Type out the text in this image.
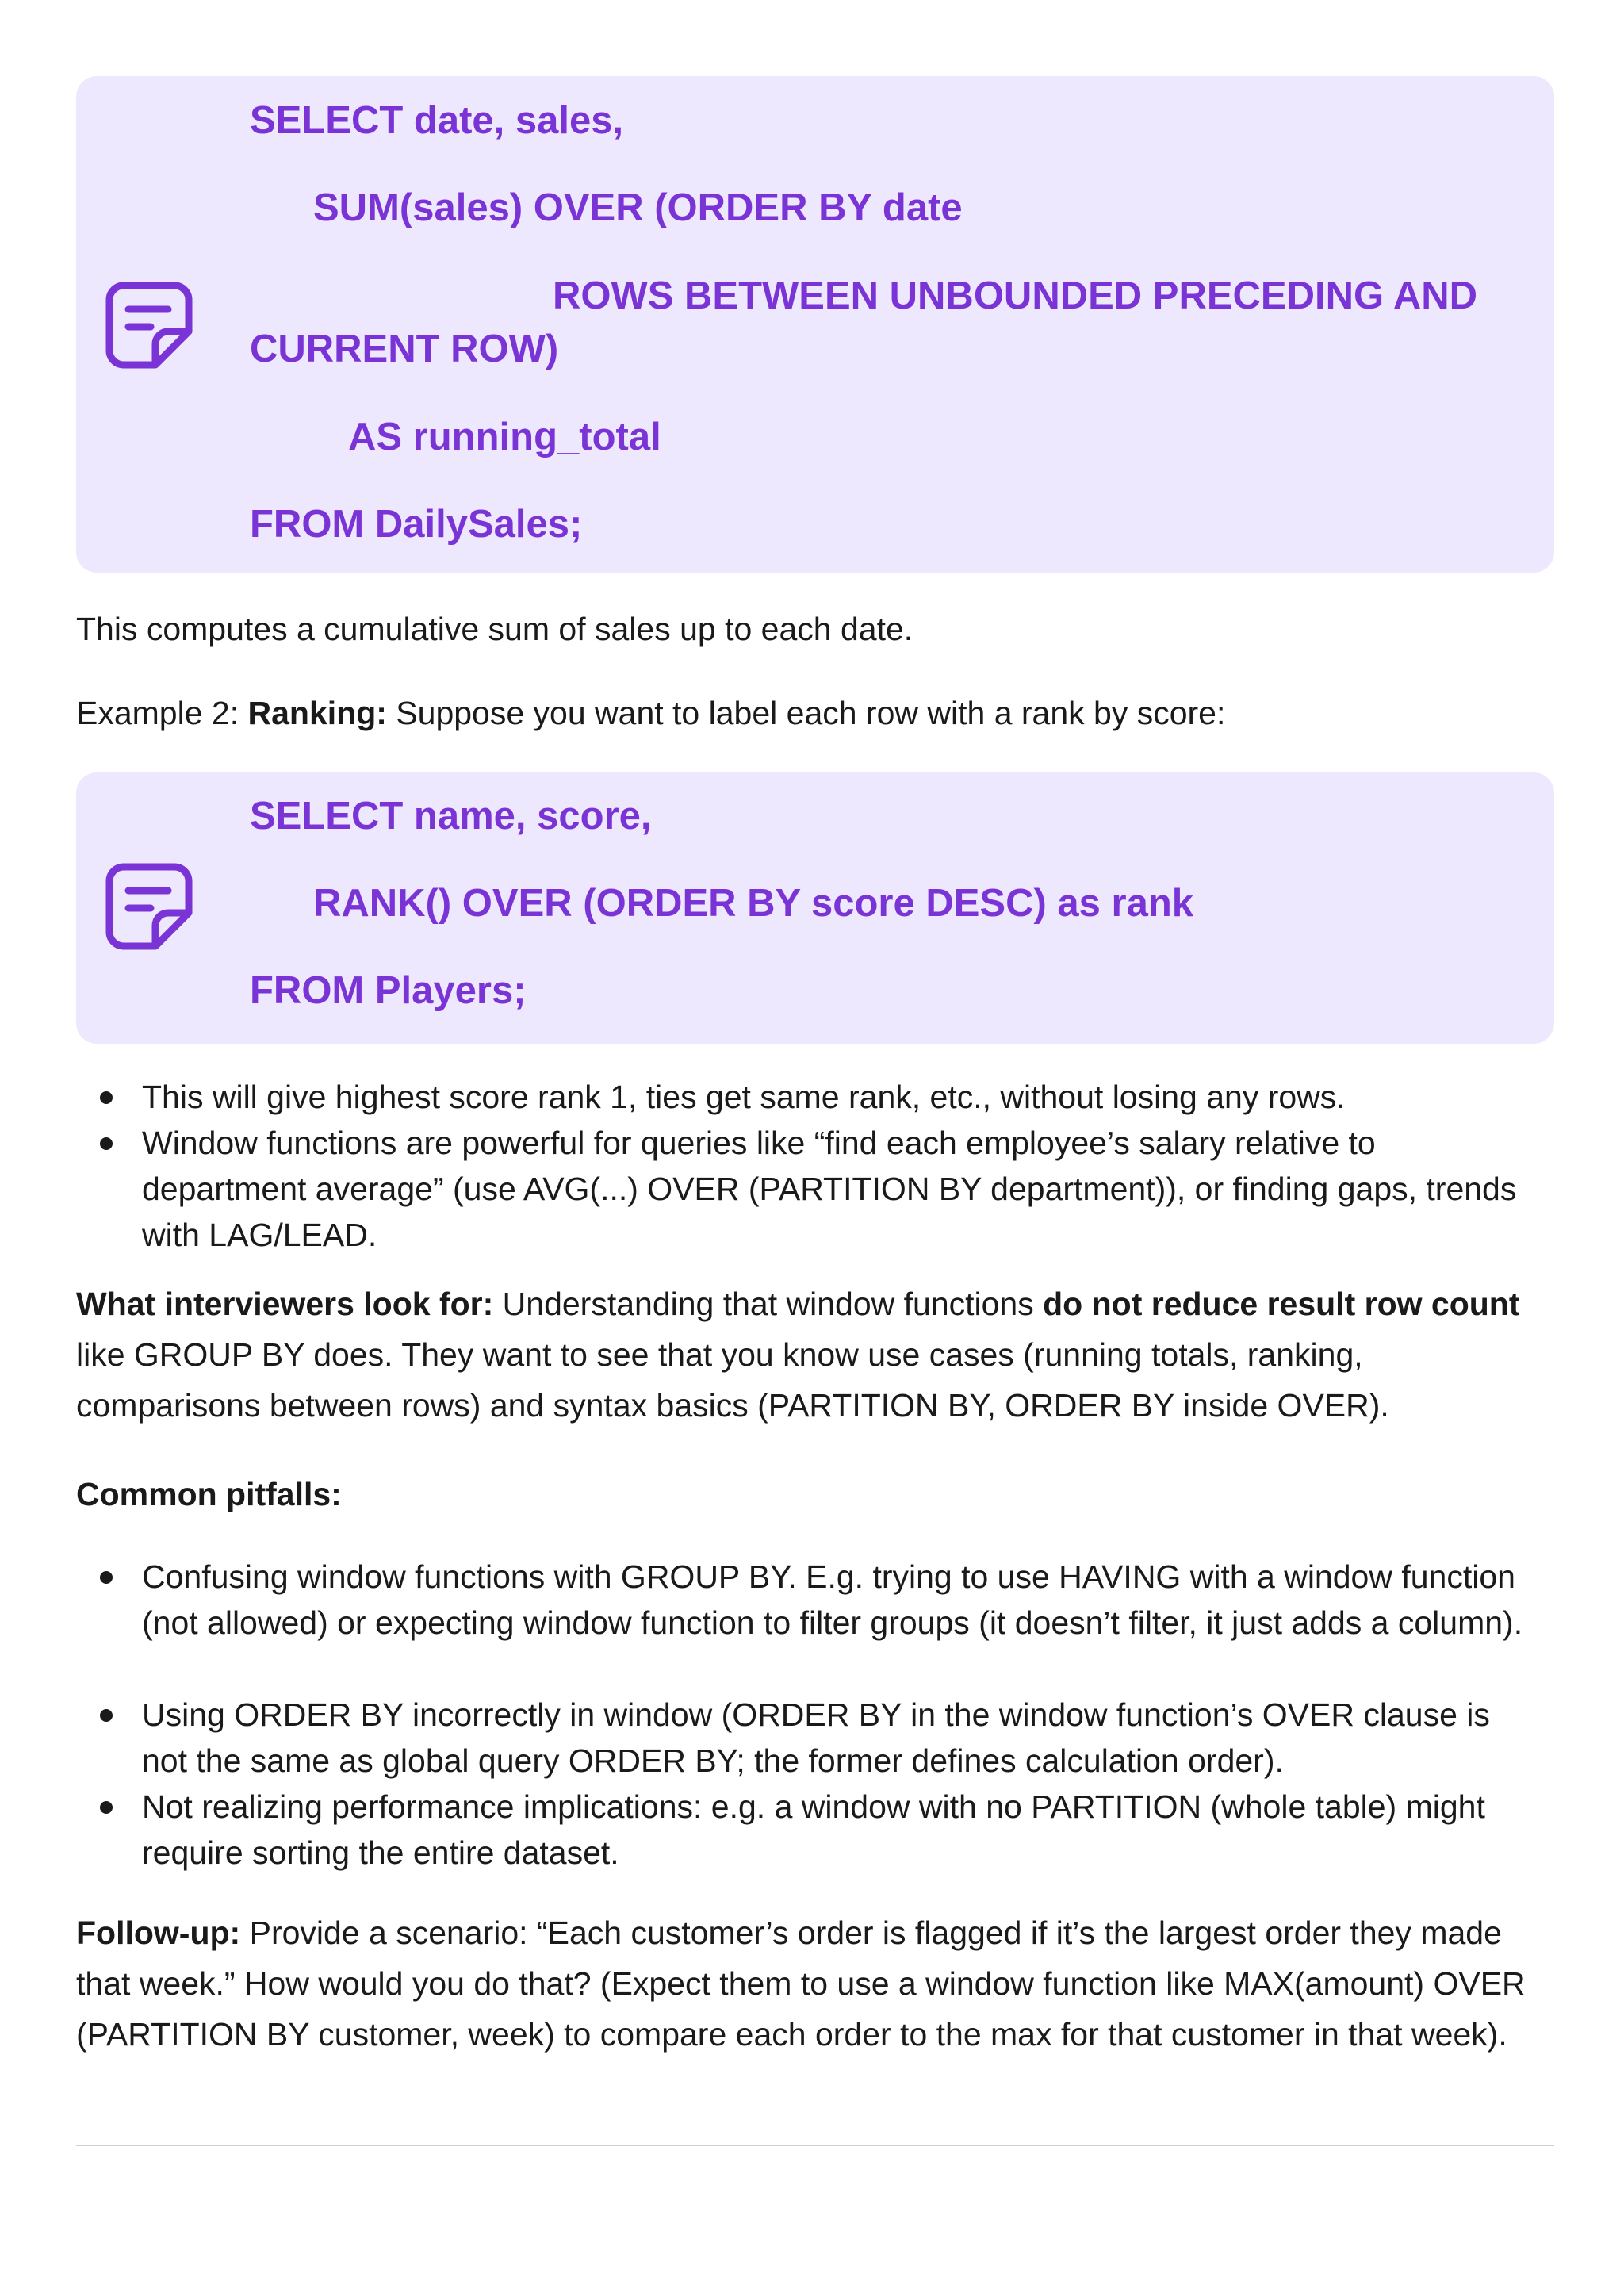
SELECT date, sales,
SUM(sales) OVER (ORDER BY date
ROWS BETWEEN UNBOUNDED PRECEDING AND
CURRENT ROW)
AS running_total
FROM DailySales;
This computes a cumulative sum of sales up to each date.
Example 2: Ranking: Suppose you want to label each row with a rank by score:
SELECT name, score,
RANK() OVER (ORDER BY score DESC) as rank
FROM Players;
This will give highest score rank 1, ties get same rank, etc., without losing any rows.
Window functions are powerful for queries like “find each employee’s salary relative to department average” (use AVG(...) OVER (PARTITION BY department)), or finding gaps, trends with LAG/LEAD.
What interviewers look for: Understanding that window functions do not reduce result row count like GROUP BY does. They want to see that you know use cases (running totals, ranking, comparisons between rows) and syntax basics (PARTITION BY, ORDER BY inside OVER).
Common pitfalls:
Confusing window functions with GROUP BY. E.g. trying to use HAVING with a window function (not allowed) or expecting window function to filter groups (it doesn’t filter, it just adds a column).
Using ORDER BY incorrectly in window (ORDER BY in the window function’s OVER clause is not the same as global query ORDER BY; the former defines calculation order).
Not realizing performance implications: e.g. a window with no PARTITION (whole table) might require sorting the entire dataset.
Follow-up: Provide a scenario: “Each customer’s order is flagged if it’s the largest order they made that week.” How would you do that? (Expect them to use a window function like MAX(amount) OVER (PARTITION BY customer, week) to compare each order to the max for that customer in that week).
